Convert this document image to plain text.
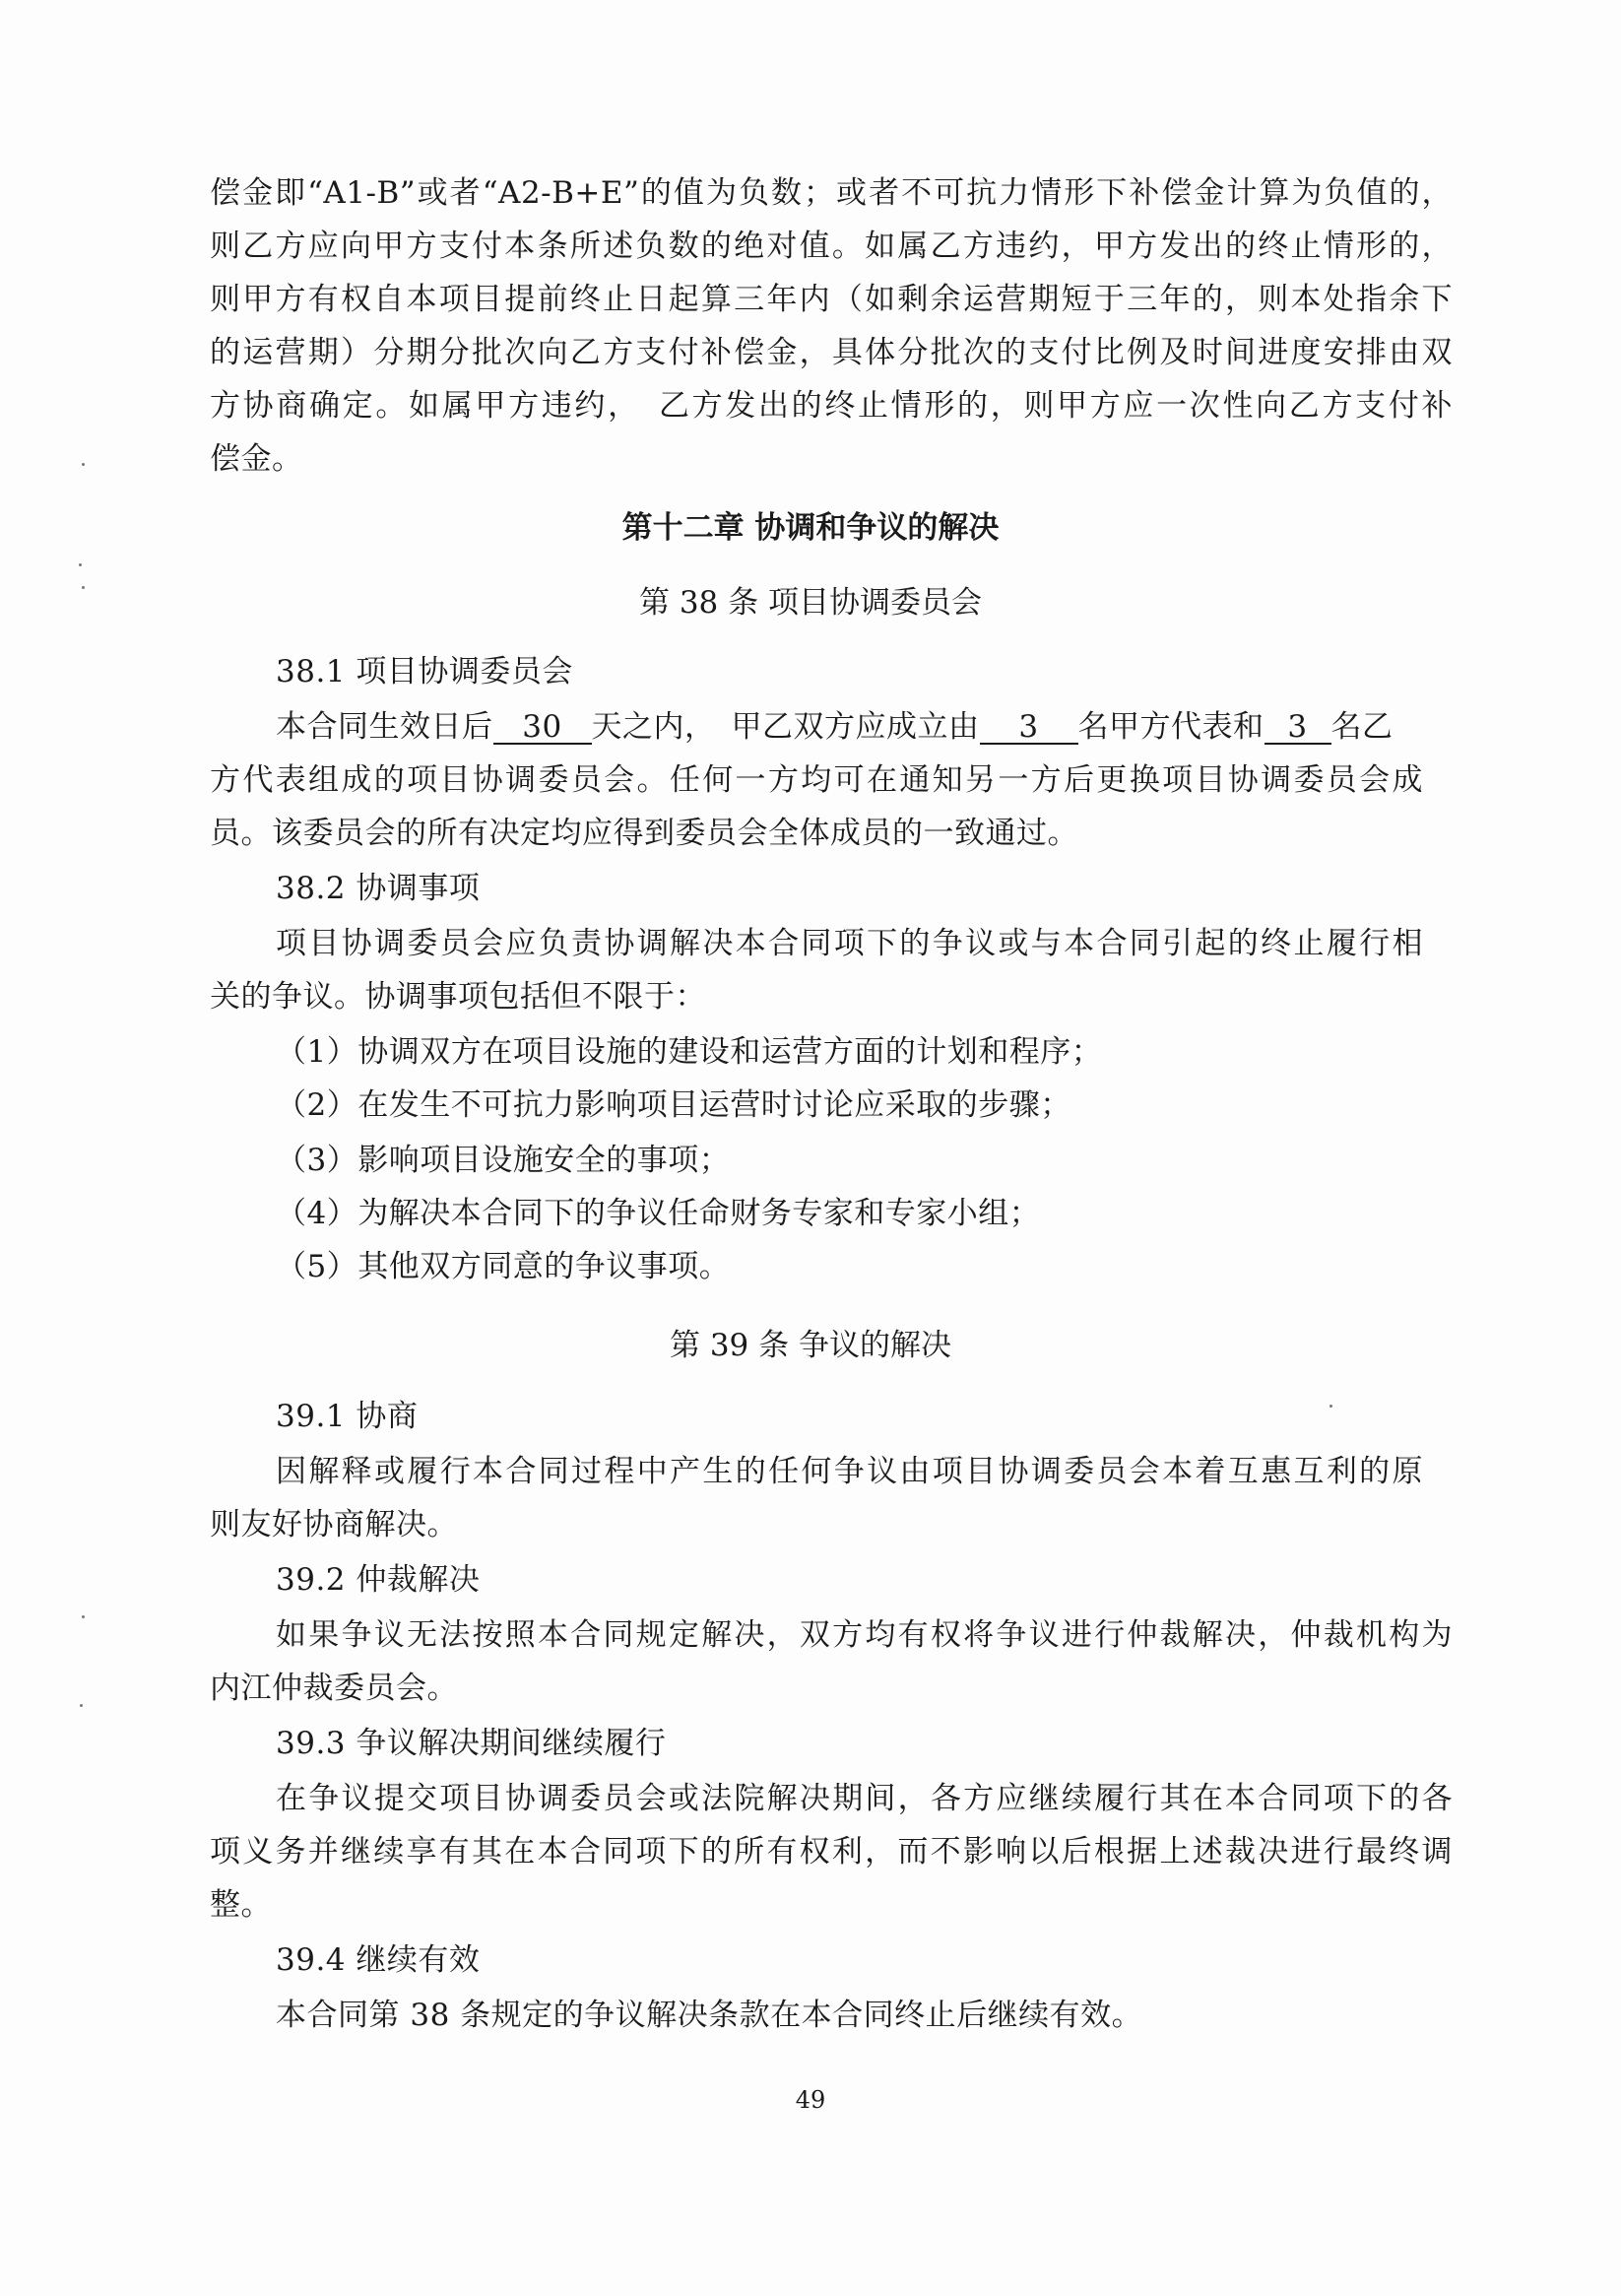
偿金即“A1-B”或者“A2-B+E”的值为负数；或者不可抗力情形下补偿金计算为负值的，
则乙方应向甲方支付本条所述负数的绝对值。如属乙方违约，甲方发出的终止情形的，
则甲方有权自本项目提前终止日起算三年内（如剩余运营期短于三年的，则本处指余下
的运营期）分期分批次向乙方支付补偿金，具体分批次的支付比例及时间进度安排由双
方协商确定。如属甲方违约，　乙方发出的终止情形的，则甲方应一次性向乙方支付补
偿金。
第十二章 协调和争议的解决
第 38 条 项目协调委员会
38.1 项目协调委员会
本合同生效日后 30 天之内，　甲乙双方应成立由 3 名甲方代表和 3 名乙
方代表组成的项目协调委员会。任何一方均可在通知另一方后更换项目协调委员会成
员。该委员会的所有决定均应得到委员会全体成员的一致通过。
38.2 协调事项
项目协调委员会应负责协调解决本合同项下的争议或与本合同引起的终止履行相
关的争议。协调事项包括但不限于：
（1）协调双方在项目设施的建设和运营方面的计划和程序；
（2）在发生不可抗力影响项目运营时讨论应采取的步骤；
（3）影响项目设施安全的事项；
（4）为解决本合同下的争议任命财务专家和专家小组；
（5）其他双方同意的争议事项。
第 39 条 争议的解决
39.1 协商
因解释或履行本合同过程中产生的任何争议由项目协调委员会本着互惠互利的原
则友好协商解决。
39.2 仲裁解决
如果争议无法按照本合同规定解决，双方均有权将争议进行仲裁解决，仲裁机构为
内江仲裁委员会。
39.3 争议解决期间继续履行
在争议提交项目协调委员会或法院解决期间，各方应继续履行其在本合同项下的各
项义务并继续享有其在本合同项下的所有权利，而不影响以后根据上述裁决进行最终调
整。
39.4 继续有效
本合同第 38 条规定的争议解决条款在本合同终止后继续有效。
49
